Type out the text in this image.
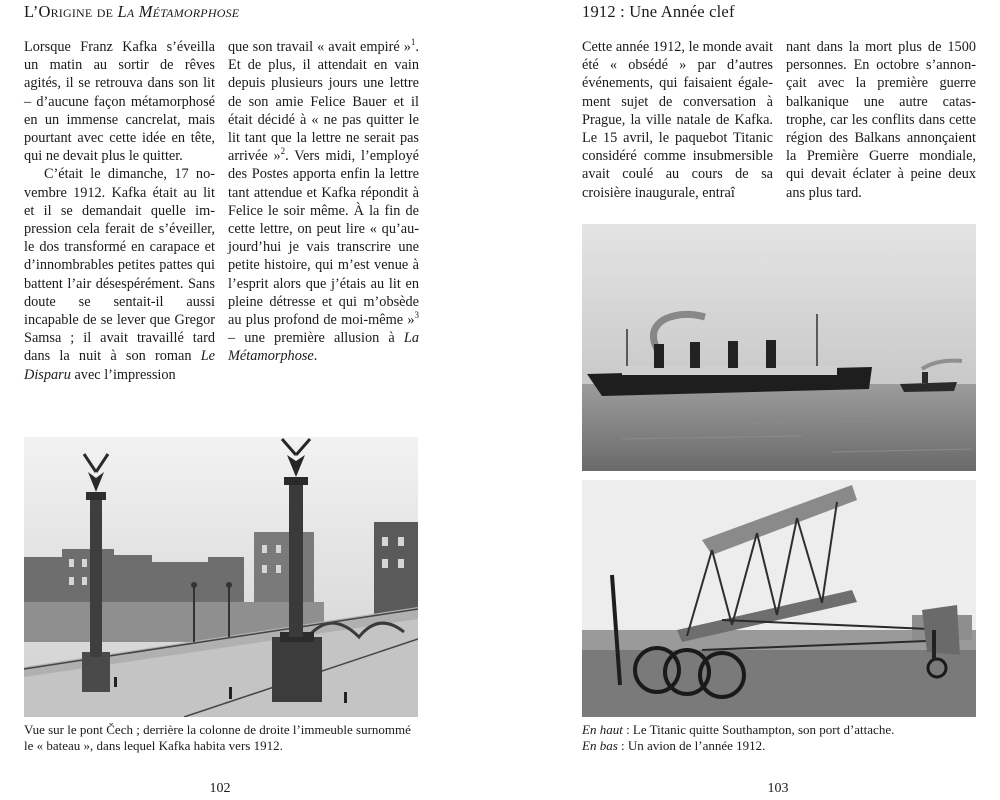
L’Origine de La Métamorphose

Lorsque Franz Kafka s’éveilla un matin au sortir de rêves agités, il se retrouva dans son lit – d’aucune façon métamorphosé en un immense cancrelat, mais pourtant avec cette idée en tête, qui ne devait plus le quitter.

C’était le dimanche, 17 novembre 1912. Kafka était au lit et il se demandait quelle impression cela ferait de s’éveiller, le dos transformé en carapace et d’innombrables petites pattes qui battent l’air désespérément. Sans doute se sentait-il aussi incapable de se lever que Gregor Samsa ; il avait travaillé tard dans la nuit à son roman Le Disparu avec l’impression

que son travail « avait empiré »$^1$. Et de plus, il attendait en vain depuis plusieurs jours une lettre de son amie Felice Bauer et il était décidé à « ne pas quitter le lit tant que la lettre ne serait pas arrivée »$^2$. Vers midi, l’employé des Postes apporta enfin la lettre tant attendue et Kafka répondit à Felice le soir même. À la fin de cette lettre, on peut lire « qu’aujourd’hui je vais transcrire une petite histoire, qui m’est venue à l’esprit alors que j’étais au lit en pleine détresse et qui m’obsède au plus profond de moi-même »$^3$ – une première allusion à La Métamorphose.

Vue sur le pont Čech ; derrière la colonne de droite l’immeuble surnommé le « bateau », dans lequel Kafka habita vers 1912.
102
1912 : Une Année clef

Cette année 1912, le monde avait été « obsédé » par d’autres événements, qui faisaient également sujet de conversation à Prague, la ville natale de Kafka. Le 15 avril, le paquebot Titanic considéré comme insubmersible avait coulé au cours de sa croisière inaugurale, entraî

nant dans la mort plus de 1500 personnes. En octobre s’annonçait avec la première guerre balkanique une autre catastrophe, car les conflits dans cette région des Balkans annonçaient la Première Guerre mondiale, qui devait éclater à peine deux ans plus tard.

En haut : Le Titanic quitte Southampton, son port d’attache.
En bas : Un avion de l’année 1912.
103
